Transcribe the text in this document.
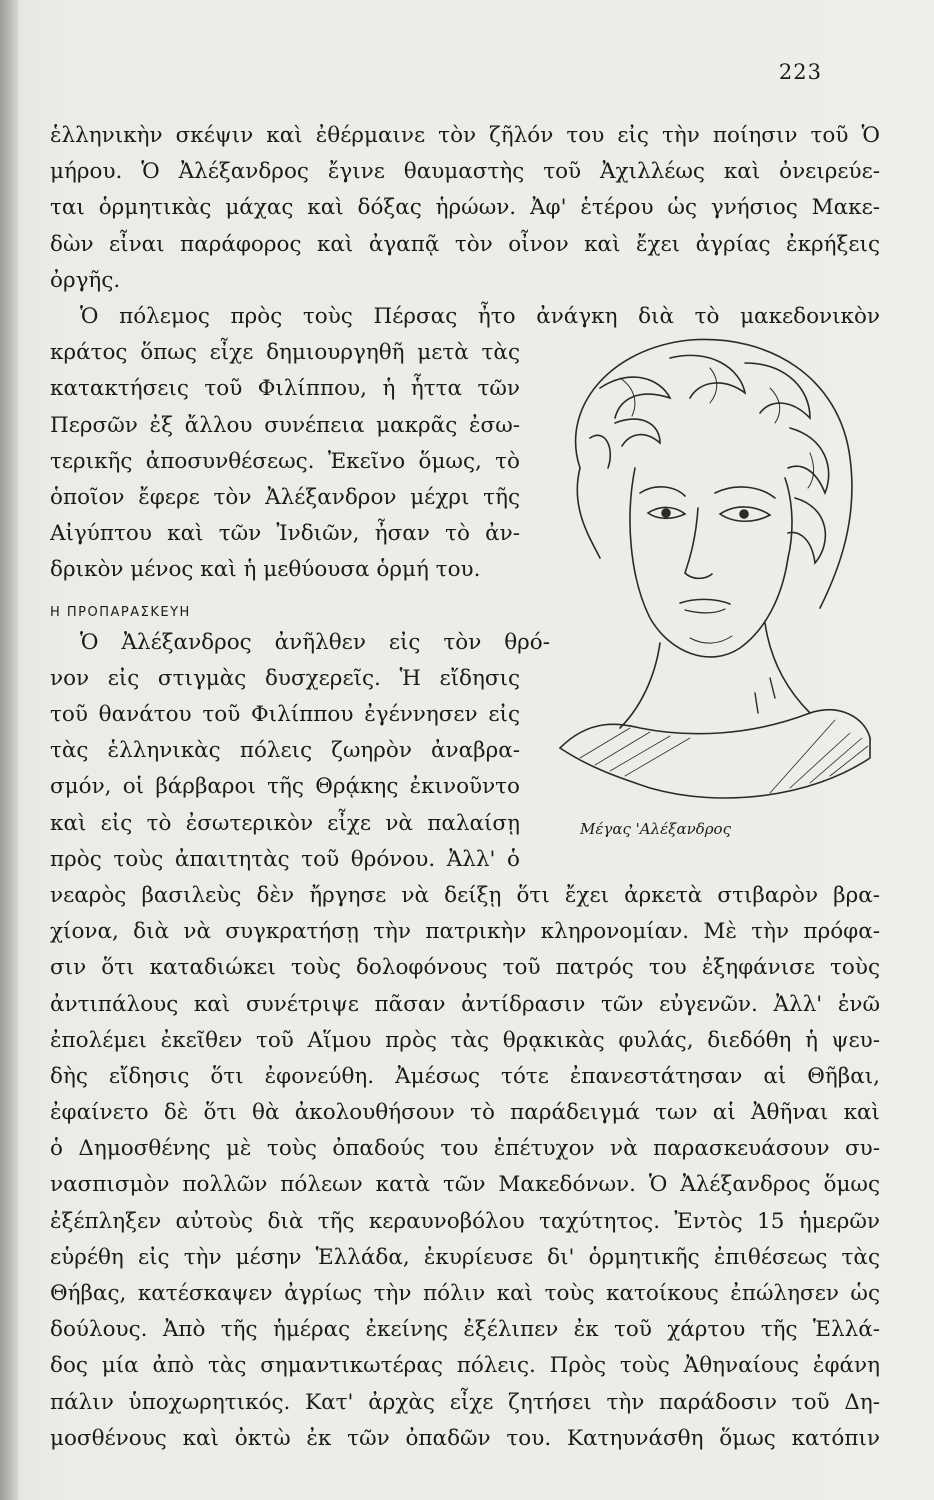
223
ἑλληνικὴν σκέψιν καὶ ἐθέρμαινε τὸν ζῆλόν του εἰς τὴν ποίησιν τοῦ Ὁ
μήρου. Ὁ Ἀλέξανδρος ἔγινε θαυμαστὴς τοῦ Ἀχιλλέως καὶ ὀνειρεύε-
ται ὁρμητικὰς μάχας καὶ δόξας ἡρώων. Ἀφ' ἑτέρου ὡς γνήσιος Μακε-
δὼν εἶναι παράφορος καὶ ἀγαπᾷ τὸν οἶνον καὶ ἔχει ἀγρίας ἐκρήξεις
ὀργῆς.
Ὁ πόλεμος πρὸς τοὺς Πέρσας ἦτο ἀνάγκη διὰ τὸ μακεδονικὸν
κράτος ὅπως εἶχε δημιουργηθῆ μετὰ τὰς
κατακτήσεις τοῦ Φιλίππου, ἡ ἧττα τῶν
Περσῶν ἐξ ἄλλου συνέπεια μακρᾶς ἐσω-
τερικῆς ἀποσυνθέσεως. Ἐκεῖνο ὅμως, τὸ
ὁποῖον ἔφερε τὸν Ἀλέξανδρον μέχρι τῆς
Αἰγύπτου καὶ τῶν Ἰνδιῶν, ἦσαν τὸ ἀν-
δρικὸν μένος καὶ ἡ μεθύουσα ὁρμή του.
Η ΠΡΟΠΑΡΑΣΚΕΥΗ
Ὁ Ἀλέξανδρος ἀνῆλθεν εἰς τὸν θρό-
νον εἰς στιγμὰς δυσχερεῖς. Ἡ εἴδησις
τοῦ θανάτου τοῦ Φιλίππου ἐγέννησεν εἰς
τὰς ἑλληνικὰς πόλεις ζωηρὸν ἀναβρα-
σμόν, οἱ βάρβαροι τῆς Θρᾴκης ἐκινοῦντο
καὶ εἰς τὸ ἐσωτερικὸν εἶχε νὰ παλαίσῃ
πρὸς τοὺς ἀπαιτητὰς τοῦ θρόνου. Ἀλλ' ὁ
νεαρὸς βασιλεὺς δὲν ἤργησε νὰ δείξῃ ὅτι ἔχει ἀρκετὰ στιβαρὸν βρα-
χίονα, διὰ νὰ συγκρατήσῃ τὴν πατρικὴν κληρονομίαν. Μὲ τὴν πρόφα-
σιν ὅτι καταδιώκει τοὺς δολοφόνους τοῦ πατρός του ἐξηφάνισε τοὺς
ἀντιπάλους καὶ συνέτριψε πᾶσαν ἀντίδρασιν τῶν εὐγενῶν. Ἀλλ' ἐνῶ
ἐπολέμει ἐκεῖθεν τοῦ Αἵμου πρὸς τὰς θρᾳκικὰς φυλάς, διεδόθη ἡ ψευ-
δὴς εἴδησις ὅτι ἐφονεύθη. Ἀμέσως τότε ἐπανεστάτησαν αἱ Θῆβαι,
ἐφαίνετο δὲ ὅτι θὰ ἀκολουθήσουν τὸ παράδειγμά των αἱ Ἀθῆναι καὶ
ὁ Δημοσθένης μὲ τοὺς ὀπαδούς του ἐπέτυχον νὰ παρασκευάσουν συ-
νασπισμὸν πολλῶν πόλεων κατὰ τῶν Μακεδόνων. Ὁ Ἀλέξανδρος ὅμως
ἐξέπληξεν αὐτοὺς διὰ τῆς κεραυνοβόλου ταχύτητος. Ἐντὸς 15 ἡμερῶν
εὑρέθη εἰς τὴν μέσην Ἑλλάδα, ἐκυρίευσε δι' ὁρμητικῆς ἐπιθέσεως τὰς
Θήβας, κατέσκαψεν ἀγρίως τὴν πόλιν καὶ τοὺς κατοίκους ἐπώλησεν ὡς
δούλους. Ἀπὸ τῆς ἡμέρας ἐκείνης ἐξέλιπεν ἐκ τοῦ χάρτου τῆς Ἑλλά-
δος μία ἀπὸ τὰς σημαντικωτέρας πόλεις. Πρὸς τοὺς Ἀθηναίους ἐφάνη
πάλιν ὑποχωρητικός. Κατ' ἀρχὰς εἶχε ζητήσει τὴν παράδοσιν τοῦ Δη-
μοσθένους καὶ ὀκτὼ ἐκ τῶν ὀπαδῶν του. Κατηυνάσθη ὅμως κατόπιν
Μέγας 'Αλέξανδρος
